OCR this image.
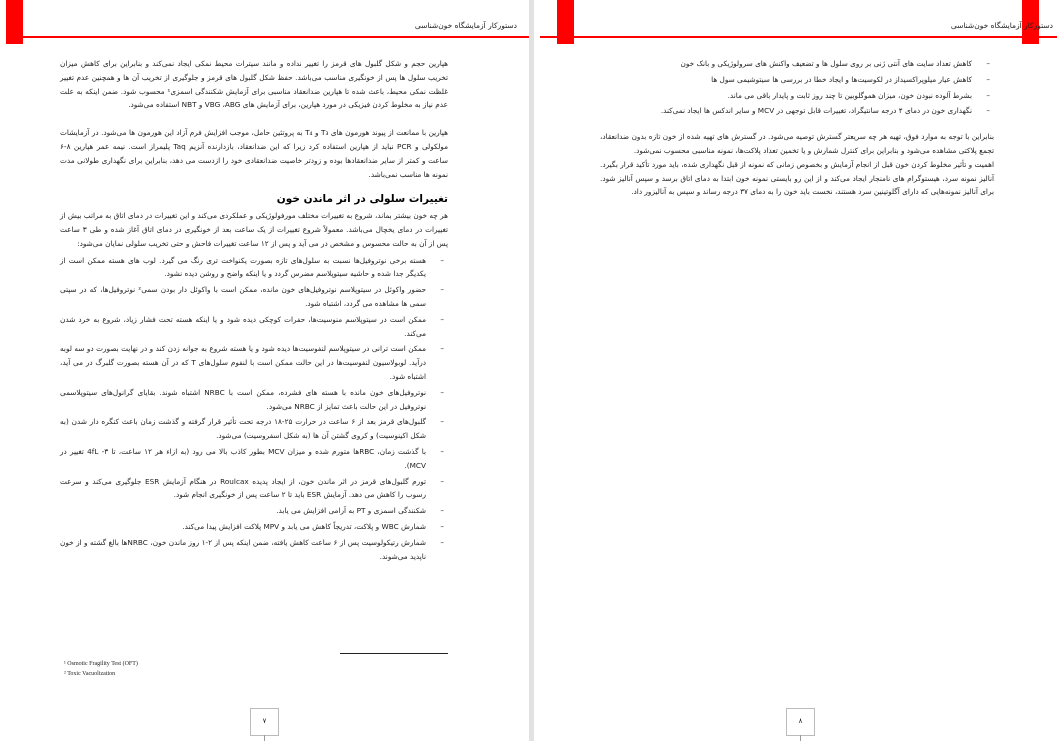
دستورکار آزمایشگاه خون‌شناسی

هپارین حجم و شکل گلبول های قرمز را تغییر نداده و مانند سیترات محیط نمکی ایجاد نمی‌کند و بنابراین برای کاهش میزان تخریب سلول ها پس از خونگیری مناسب می‌باشد. حفظ شکل گلبول های قرمز و جلوگیری از تخریب آن ها و همچنین عدم تغییر غلظت نمکی محیط، باعث شده تا هپارین ضدانعقاد مناسبی برای آزمایش شکنندگی اسمزی¹ محسوب شود. ضمن اینکه به علت عدم نیاز به مخلوط کردن فیزیکی در مورد هپارین، برای آزمایش های VBG ،ABG و NBT استفاده می‌شود.

هپارین با ممانعت از پیوند هورمون های T₃ و T₄ به پروتئین حامل، موجب افزایش فرم آزاد این هورمون ها می‌شود. در آزمایشات مولکولی و PCR نباید از هپارین استفاده کرد زیرا که این ضدانعقاد، بازدارنده آنزیم Taq پلیمراز است. نیمه عمر هپارین ۸-۶ ساعت و کمتر از سایر ضدانعقادها بوده و زودتر خاصیت ضدانعقادی خود را ازدست می دهد، بنابراین برای نگهداری طولانی مدت نمونه ها مناسب نمی‌باشد.

تغییرات سلولی در اثر ماندن خون

هر چه خون بیشتر بماند، شروع به تغییرات مختلف مورفولوژیکی و عملکردی می‌کند و این تغییرات در دمای اتاق به مراتب بیش از تغییرات در دمای یخچال می‌باشد. معمولاً شروع تغییرات از یک ساعت بعد از خونگیری در دمای اتاق آغاز شده و طی ۳ ساعت پس از آن به حالت محسوس و مشخص در می آید و پس از ۱۲ ساعت تغییرات فاحش و حتی تخریب سلولی نمایان می‌شود:

– هسته برخی نوتروفیل‌ها نسبت به سلول‌های تازه بصورت یکنواخت تری رنگ می گیرد. لوب های هسته ممکن است از یکدیگر جدا شده و حاشیه سیتوپلاسم مضرس گردد و یا اینکه واضح و روشن دیده نشود.
– حضور واکوئل در سیتوپلاسم نوتروفیل‌های خون مانده، ممکن است با واکوئل دار بودن سمی² نوتروفیل‌ها، که در سپتی سمی ها مشاهده می گردد، اشتباه شود.
– ممکن است در سیتوپلاسم منوسیت‌ها، حفرات کوچکی دیده شود و یا اینکه هسته تحت فشار زیاد، شروع به خرد شدن می‌کند.
– ممکن است ترانی در سیتوپلاسم لنفوسیت‌ها دیده شود و یا هسته شروع به جوانه زدن کند و در نهایت بصورت دو سه لوبه درآید. لوبولاسیون لنفوسیت‌ها در این حالت ممکن است با لنفوم سلول‌های T که در آن هسته بصورت گلبرگ در می آید، اشتباه شود.
– نوتروفیل‌های خون مانده با هسته های فشرده، ممکن است با NRBC اشتباه شوند. بقایای گرانول‌های سیتوپلاسمی نوتروفیل در این حالت باعث تمایز از NRBC می‌شود.
– گلبول‌های قرمز بعد از ۶ ساعت در حرارت ۲۵-۱۸ درجه تحت تأثیر قرار گرفته و گذشت زمان باعث کنگره دار شدن (به شکل اکینوسیت) و کروی گشتن آن ها (به شکل اسفروسیت) می‌شود.
– با گذشت زمان، RBCها متورم شده و میزان MCV بطور کاذب بالا می رود (به ازاء هر ۱۲ ساعت، تا 4fL -۳ تغییر در MCV).
– تورم گلبول‌های قرمز در اثر ماندن خون، از ایجاد پدیده Roulcax در هنگام آزمایش ESR جلوگیری می‌کند و سرعت رسوب را کاهش می دهد. آزمایش ESR باید تا ۲ ساعت پس از خونگیری انجام شود.
– شکنندگی اسمزی و PT به آرامی افزایش می یابد.
– شمارش WBC و پلاکت، تدریجاً کاهش می یابد و MPV پلاکت افزایش پیدا می‌کند.
– شمارش رتیکولوسیت پس از ۶ ساعت کاهش یافته، ضمن اینکه پس از ۲-۱ روز ماندن خون، NRBCها بالغ گشته و از خون ناپدید می‌شوند.
¹ Osmotic Fragility Test (OFT)
² Toxic Vacuolization
۷
دستورکار آزمایشگاه خون‌شناسی
– کاهش تعداد سایت های آنتی ژنی بر روی سلول ها و تضعیف واکنش های سرولوژیکی و بانک خون
– کاهش عیار میلوپراکسیداز در لکوسیت‌ها و ایجاد خطا در بررسی ها سیتوشیمی سول ها
– بشرط آلوده نبودن خون، میزان هموگلوبین تا چند روز ثابت و پایدار باقی می ماند.
– نگهداری خون در دمای ۴ درجه سانتیگراد، تغییرات قابل توجهی در MCV و سایر اندکس ها ایجاد نمی‌کند.

بنابراین با توجه به موارد فوق، تهیه هر چه سریعتر گسترش توصیه می‌شود. در گسترش های تهیه شده از خون تازه بدون ضدانعقاد، تجمع پلاکتی مشاهده می‌شود و بنابراین برای کنترل شمارش و یا تخمین تعداد پلاکت‌ها، نمونه مناسبی محسوب نمی‌شود.

اهمیت و تأثیر مخلوط کردن خون قبل از انجام آزمایش و بخصوص زمانی که نمونه از قبل نگهداری شده، باید مورد تأکید قرار بگیرد. آنالیز نمونه سرد، هیستوگرام های نامنجار ایجاد می‌کند و از این رو بایستی نمونه خون ابتدا به دمای اتاق برسد و سپس آنالیز شود. برای آنالیز نمونه‌هایی که دارای آگلوتینین سرد هستند، نخست باید خون را به دمای ۳۷ درجه رساند و سپس به آنالیزور داد.

۸
